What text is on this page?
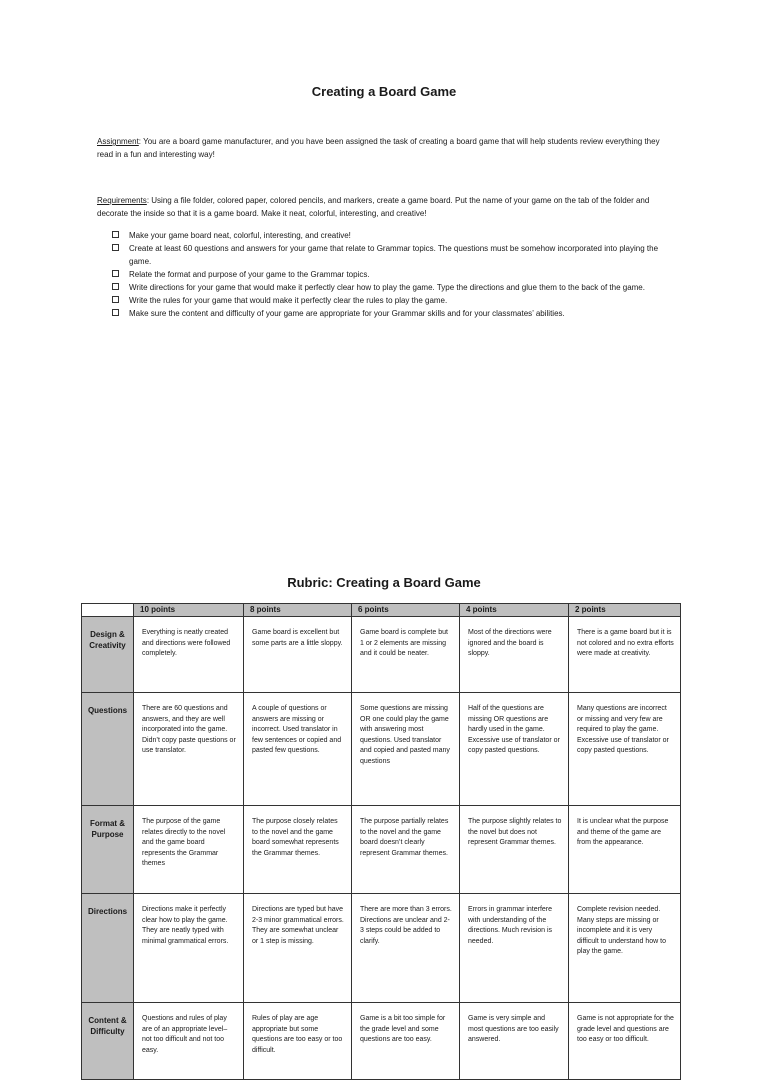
Creating a Board Game

Assignment: You are a board game manufacturer, and you have been assigned the task of creating a board game that will help students review everything they read in a fun and interesting way!

Requirements: Using a file folder, colored paper, colored pencils, and markers, create a game board. Put the name of your game on the tab of the folder and decorate the inside so that it is a game board. Make it neat, colorful, interesting, and creative!

Make your game board neat, colorful, interesting, and creative!
Create at least 60 questions and answers for your game that relate to Grammar topics. The questions must be somehow incorporated into playing the game.
Relate the format and purpose of your game to the Grammar topics.
Write directions for your game that would make it perfectly clear how to play the game. Type the directions and glue them to the back of the game.
Write the rules for your game that would make it perfectly clear the rules to play the game.
Make sure the content and difficulty of your game are appropriate for your Grammar skills and for your classmates’ abilities.
Rubric: Creating a Board Game
	10 points	8 points	6 points	4 points	2 points
Design & Creativity	Everything is neatly created and directions were followed completely.	Game board is excellent but some parts are a little sloppy.	Game board is complete but 1 or 2 elements are missing and it could be neater.	Most of the directions were ignored and the board is sloppy.	There is a game board but it is not colored and no extra efforts were made at creativity.
Questions	There are 60 questions and answers, and they are well incorporated into the game. Didn’t copy paste questions or use translator.	A couple of questions or answers are missing or incorrect. Used translator in few sentences or copied and pasted few questions.	Some questions are missing OR one could play the game with answering most questions. Used translator and copied and pasted many questions	Half of the questions are missing OR questions are hardly used in the game. Excessive use of translator or copy pasted questions.	Many questions are incorrect or missing and very few are required to play the game. Excessive use of translator or copy pasted questions.
Format & Purpose	The purpose of the game relates directly to the novel and the game board represents the Grammar themes	The purpose closely relates to the novel and the game board somewhat represents the Grammar themes.	The purpose partially relates to the novel and the game board doesn’t clearly represent Grammar themes.	The purpose slightly relates to the novel but does not represent Grammar themes.	It is unclear what the purpose and theme of the game are from the appearance.
Directions	Directions make it perfectly clear how to play the game. They are neatly typed with minimal grammatical errors.	Directions are typed but have 2-3 minor grammatical errors. They are somewhat unclear or 1 step is missing.	There are more than 3 errors. Directions are unclear and 2-3 steps could be added to clarify.	Errors in grammar interfere with understanding of the directions. Much revision is needed.	Complete revision needed. Many steps are missing or incomplete and it is very difficult to understand how to play the game.
Content & Difficulty	Questions and rules of play are of an appropriate level– not too difficult and not too easy.	Rules of play are age appropriate but some questions are too easy or too difficult.	Game is a bit too simple for the grade level and some questions are too easy.	Game is very simple and most questions are too easily answered.	Game is not appropriate for the grade level and questions are too easy or too difficult.
